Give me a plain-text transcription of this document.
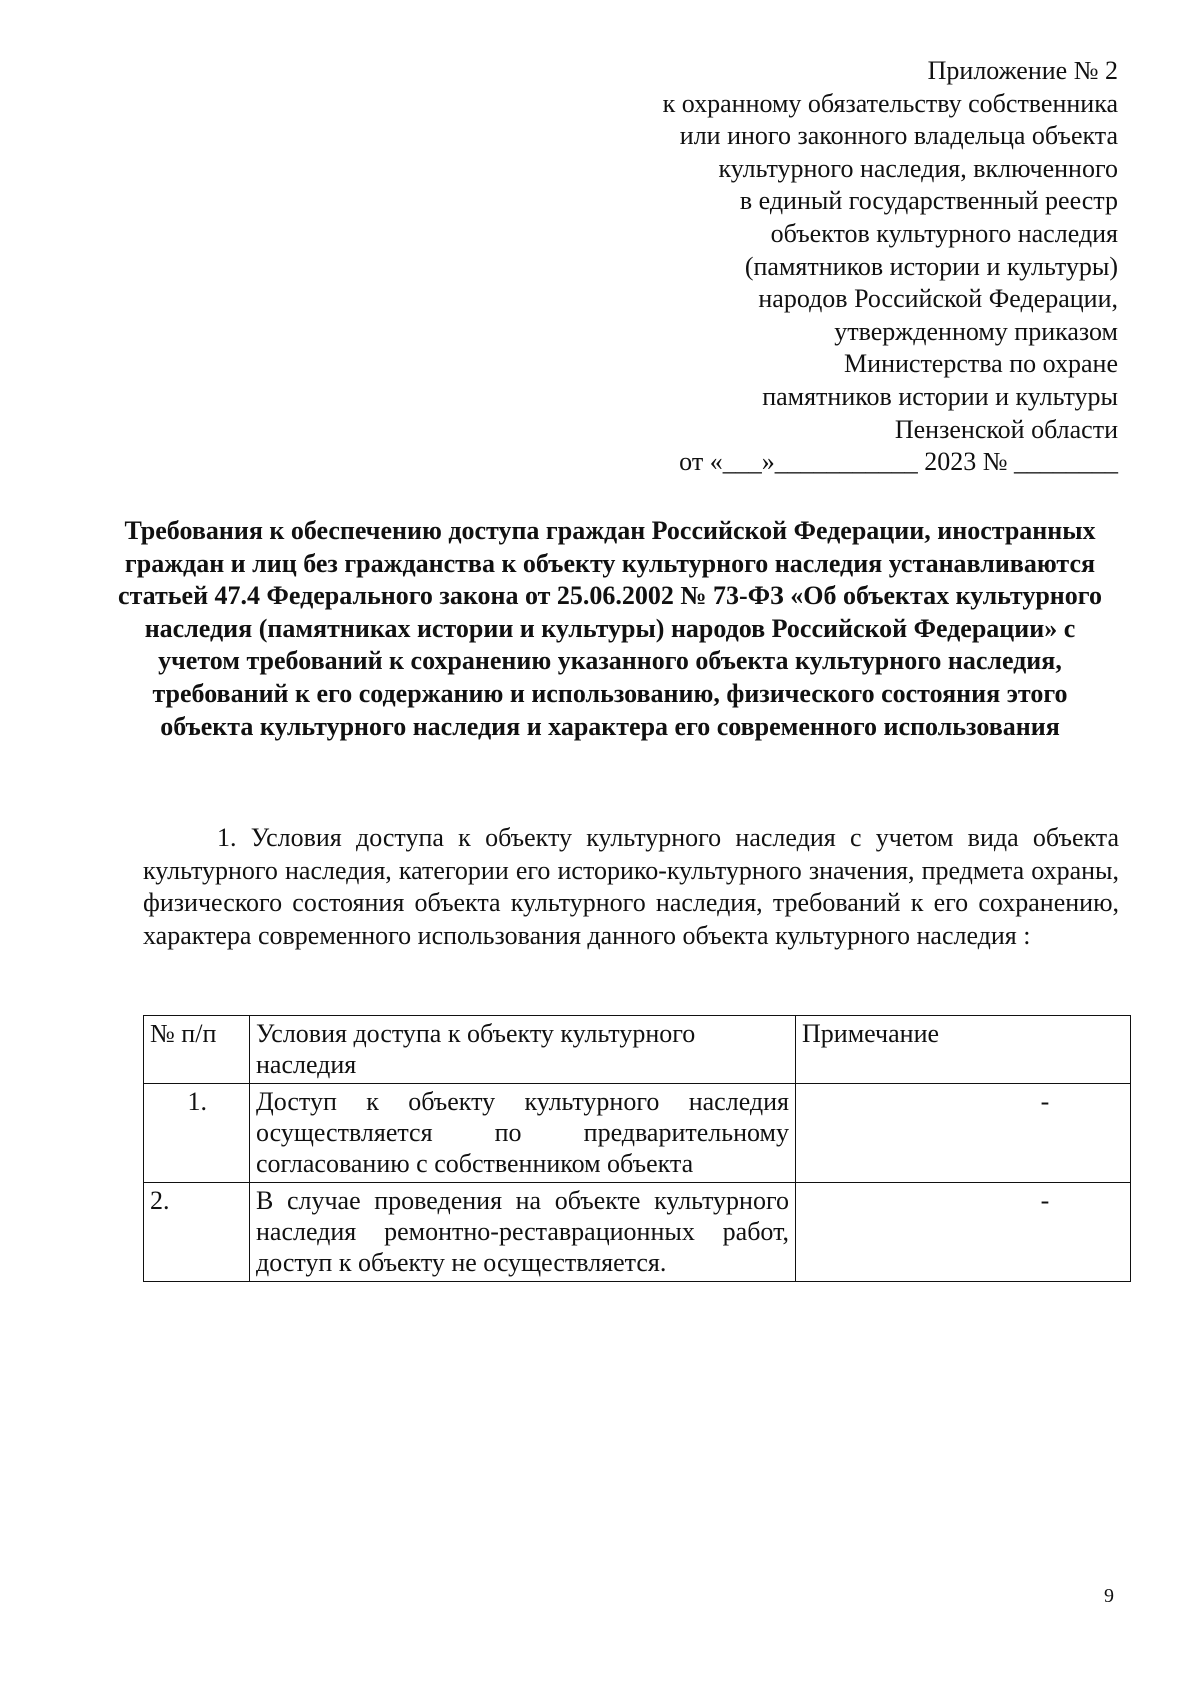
Приложение № 2
к охранному обязательству собственника
или иного законного владельца объекта
культурного наследия, включенного
в единый государственный реестр
объектов культурного наследия
(памятников истории и культуры)
народов Российской Федерации,
утвержденному приказом
Министерства по охране
памятников истории и культуры
Пензенской области
от «___»___________ 2023 № ________
Требования к обеспечению доступа граждан Российской Федерации, иностранных граждан и лиц без гражданства к объекту культурного наследия устанавливаются статьей 47.4 Федерального закона от 25.06.2002 № 73-ФЗ «Об объектах культурного наследия (памятниках истории и культуры) народов Российской Федерации» с учетом требований к сохранению указанного объекта культурного наследия, требований к его содержанию и использованию, физического состояния этого объекта культурного наследия и характера его современного использования
1. Условия доступа к объекту культурного наследия с учетом вида объекта культурного наследия, категории его историко-культурного значения, предмета охраны, физического состояния объекта культурного наследия, требований к его сохранению, характера современного использования данного объекта культурного наследия :
№ п/п	Условия доступа к объекту культурного наследия	Примечание
1.	Доступ к объекту культурного наследия осуществляется по предварительному согласованию с собственником объекта	-
2.	В случае проведения на объекте культурного наследия ремонтно-реставрационных работ, доступ к объекту не осуществляется.	-
9
